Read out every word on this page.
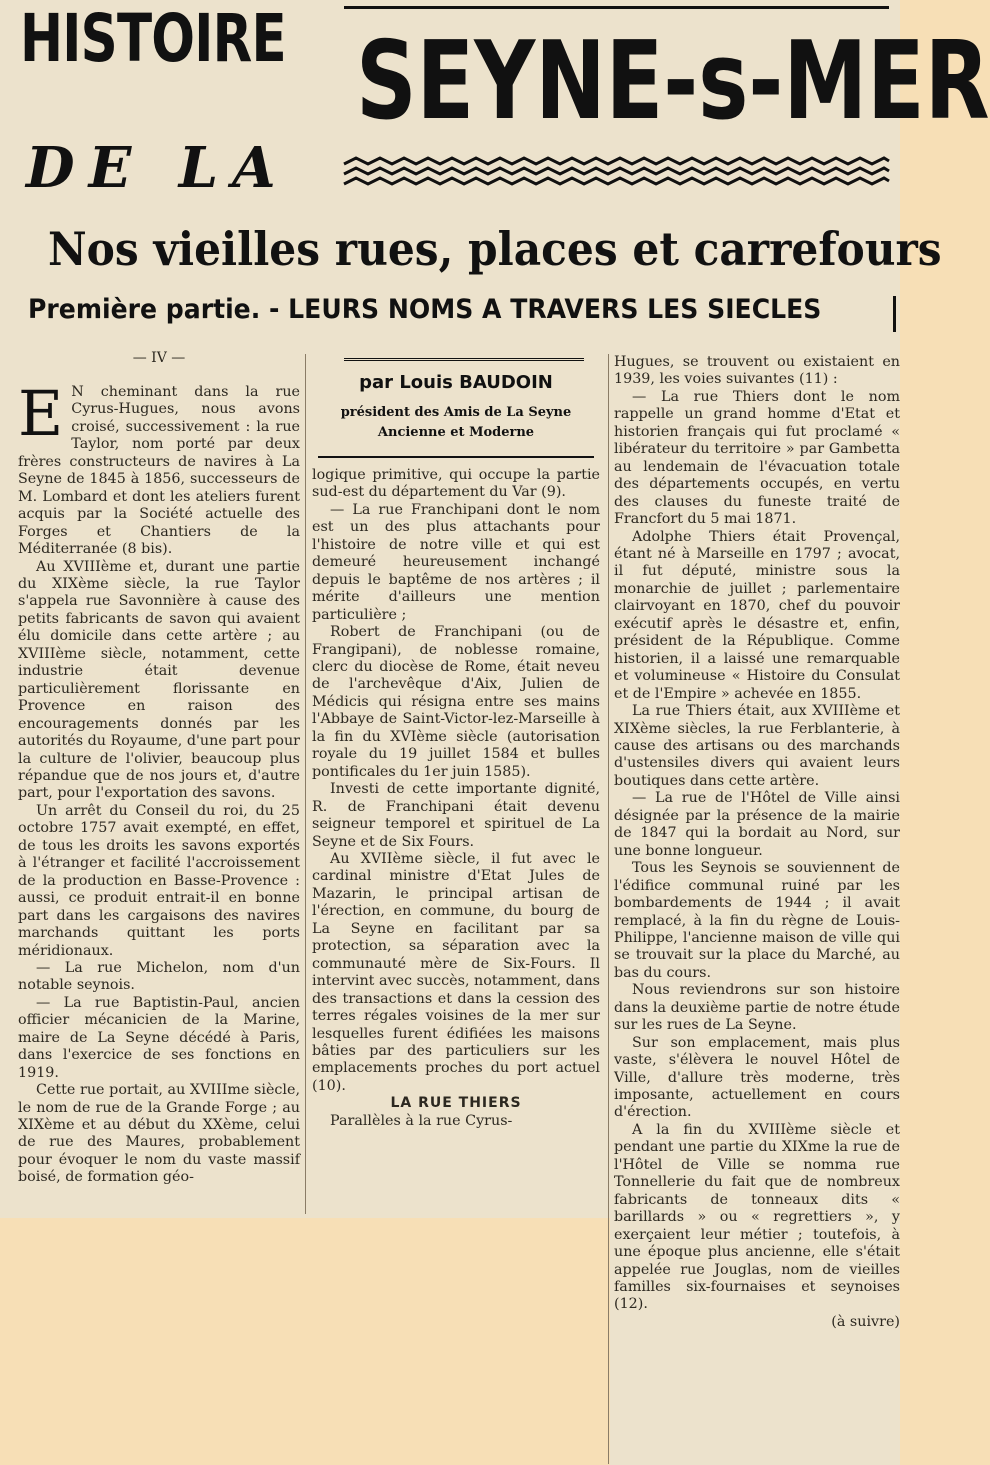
HISTOIRE
DE LA
SEYNE-s-MER
Nos vieilles rues, places et carrefours
Première partie. - LEURS NOMS A TRAVERS LES SIECLES
— IV —

E N cheminant dans la rue Cyrus-Hugues, nous avons croisé, successivement : la rue Taylor, nom porté par deux frères constructeurs de navires à La Seyne de 1845 à 1856, successeurs de M. Lombard et dont les ateliers furent acquis par la Société actuelle des Forges et Chantiers de la Méditerranée (8 bis).

Au XVIIIème et, durant une partie du XIXème siècle, la rue Taylor s'appela rue Savonnière à cause des petits fabricants de savon qui avaient élu domicile dans cette artère ; au XVIIIème siècle, notamment, cette industrie était devenue particulièrement florissante en Provence en raison des encouragements donnés par les autorités du Royaume, d'une part pour la culture de l'olivier, beaucoup plus répandue que de nos jours et, d'autre part, pour l'exportation des savons.

Un arrêt du Conseil du roi, du 25 octobre 1757 avait exempté, en effet, de tous les droits les savons exportés à l'étranger et facilité l'accroissement de la production en Basse-Provence : aussi, ce produit entrait-il en bonne part dans les cargaisons des navires marchands quittant les ports méridionaux.

— La rue Michelon, nom d'un notable seynois.

— La rue Baptistin-Paul, ancien officier mécanicien de la Marine, maire de La Seyne décédé à Paris, dans l'exercice de ses fonctions en 1919.

Cette rue portait, au XVIIIme siècle, le nom de rue de la Grande Forge ; au XIXème et au début du XXème, celui de rue des Maures, probablement pour évoquer le nom du vaste massif boisé, de formation géo-

par Louis BAUDOIN
président des Amis de La Seyne
Ancienne et Moderne

logique primitive, qui occupe la partie sud-est du département du Var (9).

— La rue Franchipani dont le nom est un des plus attachants pour l'histoire de notre ville et qui est demeuré heureusement inchangé depuis le baptême de nos artères ; il mérite d'ailleurs une mention particulière ;

Robert de Franchipani (ou de Frangipani), de noblesse romaine, clerc du diocèse de Rome, était neveu de l'archevêque d'Aix, Julien de Médicis qui résigna entre ses mains l'Abbaye de Saint-Victor-lez-Marseille à la fin du XVIème siècle (autorisation royale du 19 juillet 1584 et bulles pontificales du 1er juin 1585).

Investi de cette importante dignité, R. de Franchipani était devenu seigneur temporel et spirituel de La Seyne et de Six Fours.

Au XVIIème siècle, il fut avec le cardinal ministre d'Etat Jules de Mazarin, le principal artisan de l'érection, en commune, du bourg de La Seyne en facilitant par sa protection, sa séparation avec la communauté mère de Six-Fours. Il intervint avec succès, notamment, dans des transactions et dans la cession des terres régales voisines de la mer sur lesquelles furent édifiées les maisons bâties par des particuliers sur les emplacements proches du port actuel (10).

LA RUE THIERS

Parallèles à la rue Cyrus-

Hugues, se trouvent ou existaient en 1939, les voies suivantes (11) :

— La rue Thiers dont le nom rappelle un grand homme d'Etat et historien français qui fut proclamé « libérateur du territoire » par Gambetta au lendemain de l'évacuation totale des départements occupés, en vertu des clauses du funeste traité de Francfort du 5 mai 1871.

Adolphe Thiers était Provençal, étant né à Marseille en 1797 ; avocat, il fut député, ministre sous la monarchie de juillet ; parlementaire clairvoyant en 1870, chef du pouvoir exécutif après le désastre et, enfin, président de la République. Comme historien, il a laissé une remarquable et volumineuse « Histoire du Consulat et de l'Empire » achevée en 1855.

La rue Thiers était, aux XVIIIème et XIXème siècles, la rue Ferblanterie, à cause des artisans ou des marchands d'ustensiles divers qui avaient leurs boutiques dans cette artère.

— La rue de l'Hôtel de Ville ainsi désignée par la présence de la mairie de 1847 qui la bordait au Nord, sur une bonne longueur.

Tous les Seynois se souviennent de l'édifice communal ruiné par les bombardements de 1944 ; il avait remplacé, à la fin du règne de Louis-Philippe, l'ancienne maison de ville qui se trouvait sur la place du Marché, au bas du cours.

Nous reviendrons sur son histoire dans la deuxième partie de notre étude sur les rues de La Seyne.

Sur son emplacement, mais plus vaste, s'élèvera le nouvel Hôtel de Ville, d'allure très moderne, très imposante, actuellement en cours d'érection.

A la fin du XVIIIème siècle et pendant une partie du XIXme la rue de l'Hôtel de Ville se nomma rue Tonnellerie du fait que de nombreux fabricants de tonneaux dits « barillards » ou « regrettiers », y exerçaient leur métier ; toutefois, à une époque plus ancienne, elle s'était appelée rue Jouglas, nom de vieilles familles six-fournaises et seynoises (12).

(à suivre)
